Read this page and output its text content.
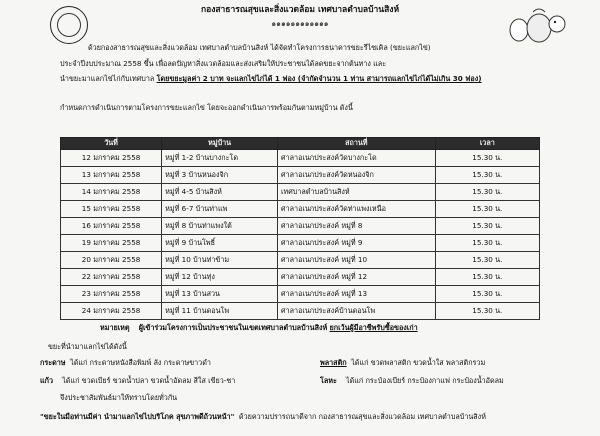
กองสาธารณสุขและสิ่งแวดล้อม เทศบาลตำบลบ้านสิงห์
๑๑๑๑๑๑๑๑๑๑๑๑
ด้วยกองสาธารณสุขและสิ่งแวดล้อม เทศบาลตำบลบ้านสิงห์ ได้จัดทำโครงการธนาคารขยะรีไซเคิล (ขยะแลกไข่)
ประจำปีงบประมาณ 2558 ขึ้น เพื่อลดปัญหาสิ่งแวดล้อมและส่งเสริมให้ประชาชนได้ลดขยะจากต้นทาง และ
นำขยะมาแลกไข่ไก่กับเทศบาล โดยขยะมูลค่า 2 บาท จะแลกไข่ไก่ได้ 1 ฟอง (จำกัดจำนวน 1 ท่าน สามารถแลกไข่ไก่ได้ไม่เกิน 30 ฟอง)
กำหนดการดำเนินการตามโครงการขยะแลกไข่ โดยจะออกดำเนินการพร้อมกันตามหมู่บ้าน ดังนี้
วันที่	หมู่บ้าน	สถานที่	เวลา
12 มกราคม 2558	หมู่ที่ 1-2 บ้านบางกะโด	ศาลาอเนกประสงค์วัดบางกะโด	15.30 น.
13 มกราคม 2558	หมู่ที่ 3 บ้านหนองจิก	ศาลาอเนกประสงค์วัดหนองจิก	15.30 น.
14 มกราคม 2558	หมู่ที่ 4-5 บ้านสิงห์	เทศบาลตำบลบ้านสิงห์	15.30 น.
15 มกราคม 2558	หมู่ที่ 6-7 บ้านท่าแพ	ศาลาอเนกประสงค์วัดท่าแพงเหนือ	15.30 น.
16 มกราคม 2558	หมู่ที่ 8 บ้านท่าแพงใต้	ศาลาอเนกประสงค์ หมู่ที่ 8	15.30 น.
19 มกราคม 2558	หมู่ที่ 9 บ้านโพธิ์	ศาลาอเนกประสงค์ หมู่ที่ 9	15.30 น.
20 มกราคม 2558	หมู่ที่ 10 บ้านท่าข้าม	ศาลาอเนกประสงค์ หมู่ที่ 10	15.30 น.
22 มกราคม 2558	หมู่ที่ 12 บ้านทุ่ง	ศาลาอเนกประสงค์ หมู่ที่ 12	15.30 น.
23 มกราคม 2558	หมู่ที่ 13 บ้านสวน	ศาลาอเนกประสงค์ หมู่ที่ 13	15.30 น.
24 มกราคม 2558	หมู่ที่ 11 บ้านดอนโพ	ศาลาอเนกประสงค์บ้านดอนโพ	15.30 น.
หมายเหตุ ผู้เข้าร่วมโครงการเป็นประชาชนในเขตเทศบาลตำบลบ้านสิงห์ ยกเว้นผู้มีอาชีพรับซื้อของเก่า
ขยะที่นำมาแลกไข่ได้ดังนี้
กระดาษ ได้แก่ กระดาษหนังสือพิมพ์ ลัง กระดาษขาวดำ	พลาสติก ได้แก่ ขวดพลาสติก ขวดน้ำใส พลาสติกรวม
แก้ว ได้แก่ ขวดเบียร์ ขวดน้ำปลา ขวดน้ำอัดลม สีใส เขียว-ชา	โลหะ ได้แก่ กระป๋องเบียร์ กระป๋องกาแฟ กระป๋องน้ำอัดลม
จึงประชาสัมพันธ์มาให้ทราบโดยทั่วกัน
"ขยะในมือท่านมีค่า นำมาแลกไข่ไปบริโภค สุขภาพดีถ้วนหน้า" ด้วยความปรารถนาดีจาก กองสาธารณสุขและสิ่งแวดล้อม เทศบาลตำบลบ้านสิงห์
